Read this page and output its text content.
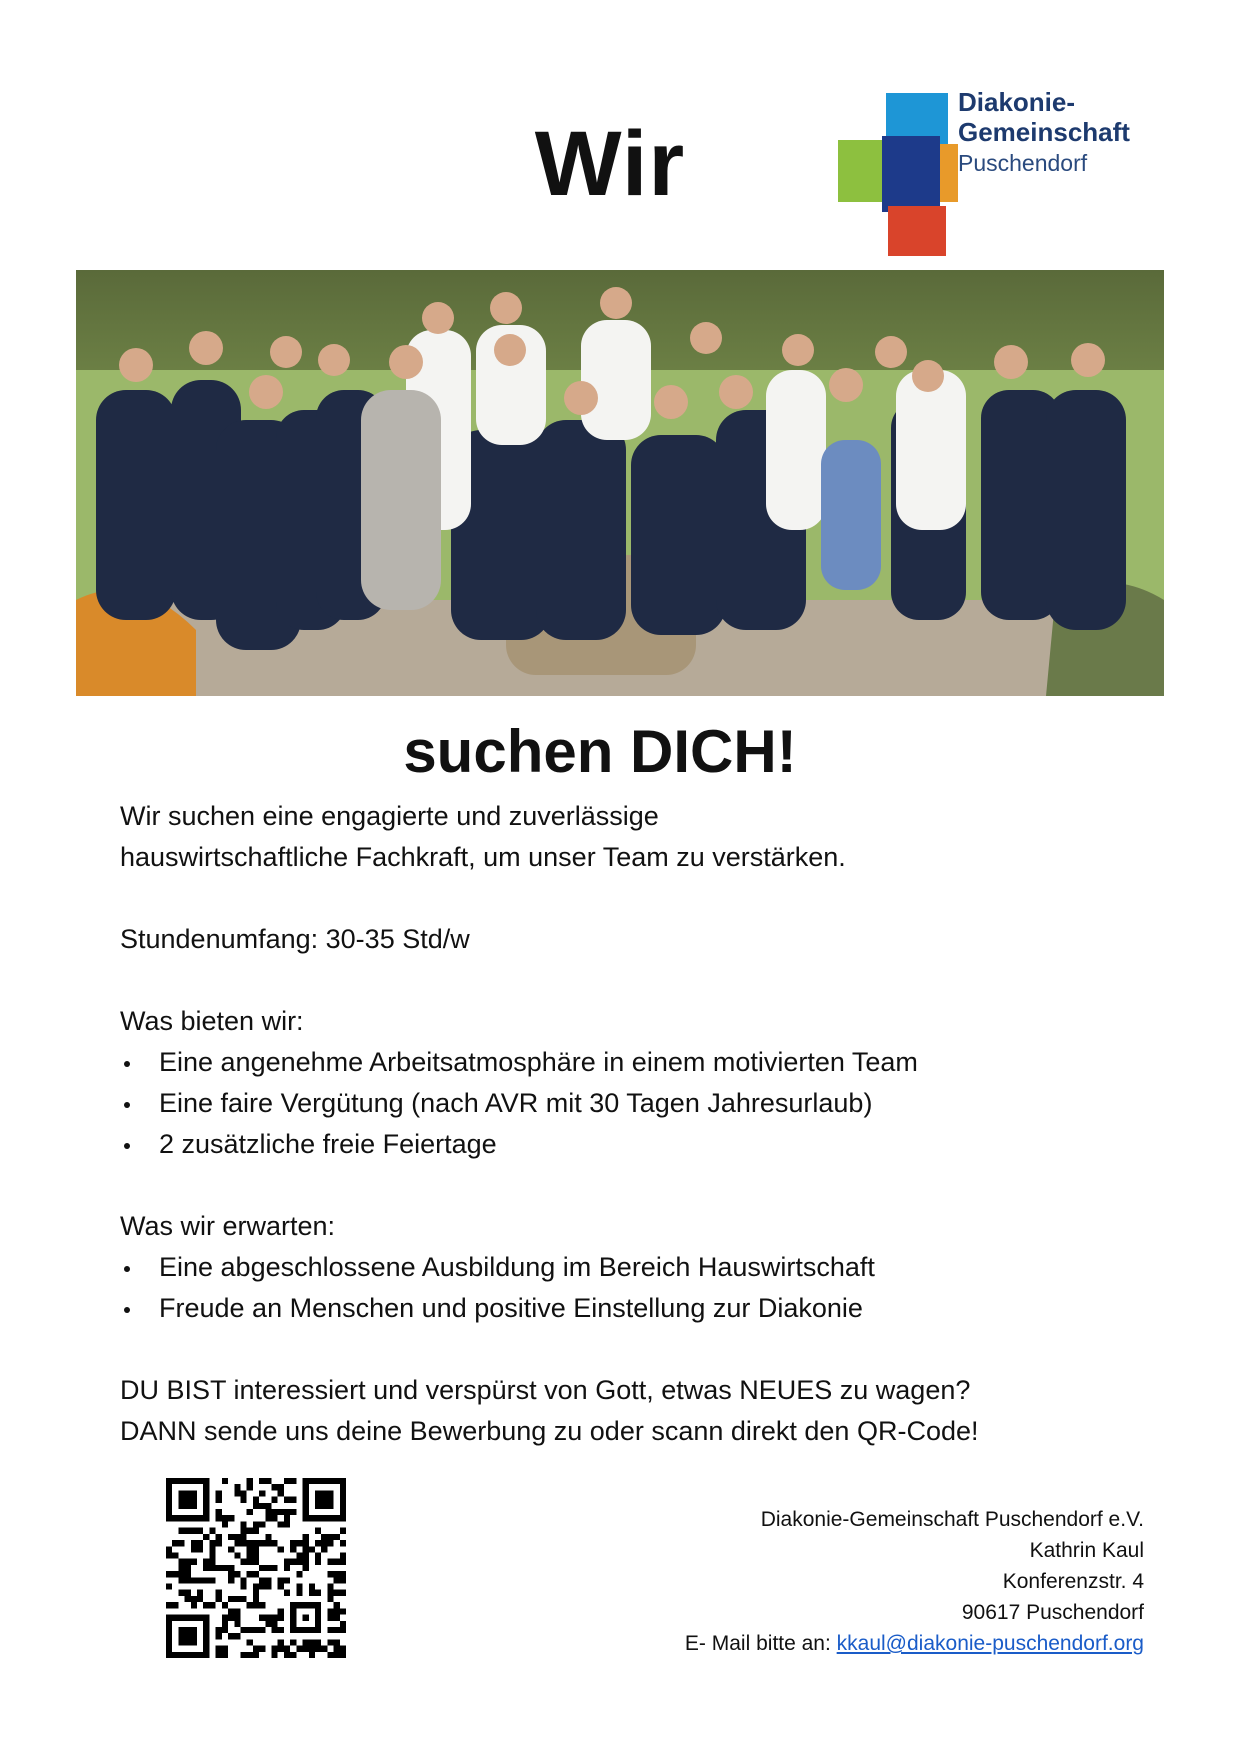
Wir
Diakonie-
Gemeinschaft
Puschendorf
suchen DICH!

Wir suchen eine engagierte und zuverlässige

hauswirtschaftliche Fachkraft, um unser Team zu verstärken.

Stundenumfang: 30-35 Std/w

Was bieten wir:

Eine angenehme Arbeitsatmosphäre in einem motivierten Team
Eine faire Vergütung (nach AVR mit 30 Tagen Jahresurlaub)
2 zusätzliche freie Feiertage

Was wir erwarten:

Eine abgeschlossene Ausbildung im Bereich Hauswirtschaft
Freude an Menschen und positive Einstellung zur Diakonie

DU BIST interessiert und verspürst von Gott, etwas NEUES zu wagen?

DANN sende uns deine Bewerbung zu oder scann direkt den QR-Code!

Diakonie-Gemeinschaft Puschendorf e.V.
Kathrin Kaul
Konferenzstr. 4
90617 Puschendorf
E- Mail bitte an: kkaul@diakonie-puschendorf.org
